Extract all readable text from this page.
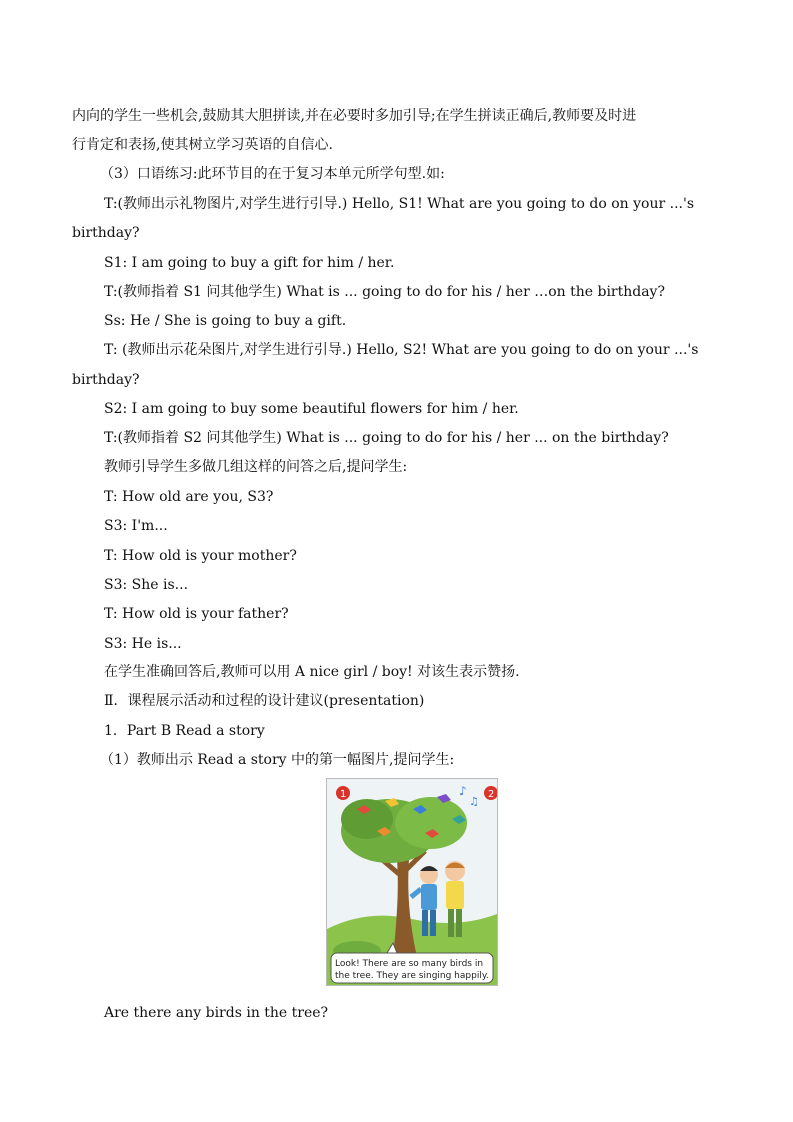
内向的学生一些机会,鼓励其大胆拼读,并在必要时多加引导;在学生拼读正确后,教师要及时进
行肯定和表扬,使其树立学习英语的自信心.
（3）口语练习:此环节目的在于复习本单元所学句型.如:
T:(教师出示礼物图片,对学生进行引导.) Hello, S1! What are you going to do on your ...'s
birthday?
S1: I am going to buy a gift for him / her.
T:(教师指着 S1 问其他学生) What is ... going to do for his / her …on the birthday?
Ss: He / She is going to buy a gift.
T: (教师出示花朵图片,对学生进行引导.) Hello, S2! What are you going to do on your ...'s
birthday?
S2: I am going to buy some beautiful flowers for him / her.
T:(教师指着 S2 问其他学生) What is ... going to do for his / her ... on the birthday?
教师引导学生多做几组这样的问答之后,提问学生:
T: How old are you, S3?
S3: I'm...
T: How old is your mother?
S3: She is...
T: How old is your father?
S3: He is...
在学生准确回答后,教师可以用 A nice girl / boy! 对该生表示赞扬.
Ⅱ．课程展示活动和过程的设计建议(presentation)
1．Part B Read a story
（1）教师出示 Read a story 中的第一幅图片,提问学生:
♪
♫
1	2
Look! There are so many birds in
the tree. They are singing happily.
Are there any birds in the tree?
